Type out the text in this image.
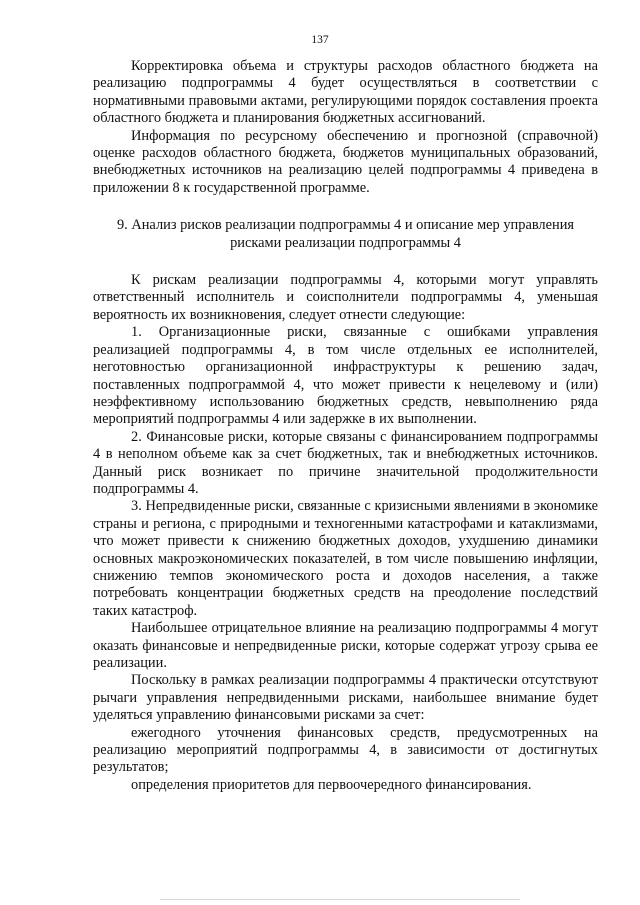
137

Корректировка объема и структуры расходов областного бюджета на реализацию подпрограммы 4 будет осуществляться в соответствии с нормативными правовыми актами, регулирующими порядок составления проекта областного бюджета и планирования бюджетных ассигнований.

Информация по ресурсному обеспечению и прогнозной (справочной) оценке расходов областного бюджета, бюджетов муниципальных образований, внебюджетных источников на реализацию целей подпрограммы 4 приведена в приложении 8 к государственной программе.

9. Анализ рисков реализации подпрограммы 4 и описание мер управления
рисками реализации подпрограммы 4

К рискам реализации подпрограммы 4, которыми могут управлять ответственный исполнитель и соисполнители подпрограммы 4, уменьшая вероятность их возникновения, следует отнести следующие:

1. Организационные риски, связанные с ошибками управления реализацией подпрограммы 4, в том числе отдельных ее исполнителей, неготовностью организационной инфраструктуры к решению задач, поставленных подпрограммой 4, что может привести к нецелевому и (или) неэффективному использованию бюджетных средств, невыполнению ряда мероприятий подпрограммы 4 или задержке в их выполнении.

2. Финансовые риски, которые связаны с финансированием подпрограммы 4 в неполном объеме как за счет бюджетных, так и внебюджетных источников. Данный риск возникает по причине значительной продолжительности подпрограммы 4.

3. Непредвиденные риски, связанные с кризисными явлениями в экономике страны и региона, с природными и техногенными катастрофами и катаклизмами, что может привести к снижению бюджетных доходов, ухудшению динамики основных макроэкономических показателей, в том числе повышению инфляции, снижению темпов экономического роста и доходов населения, а также потребовать концентрации бюджетных средств на преодоление последствий таких катастроф.

Наибольшее отрицательное влияние на реализацию подпрограммы 4 могут оказать финансовые и непредвиденные риски, которые содержат угрозу срыва ее реализации.

Поскольку в рамках реализации подпрограммы 4 практически отсутствуют рычаги управления непредвиденными рисками, наибольшее внимание будет уделяться управлению финансовыми рисками за счет:

ежегодного уточнения финансовых средств, предусмотренных на реализацию мероприятий подпрограммы 4, в зависимости от достигнутых результатов;

определения приоритетов для первоочередного финансирования.
